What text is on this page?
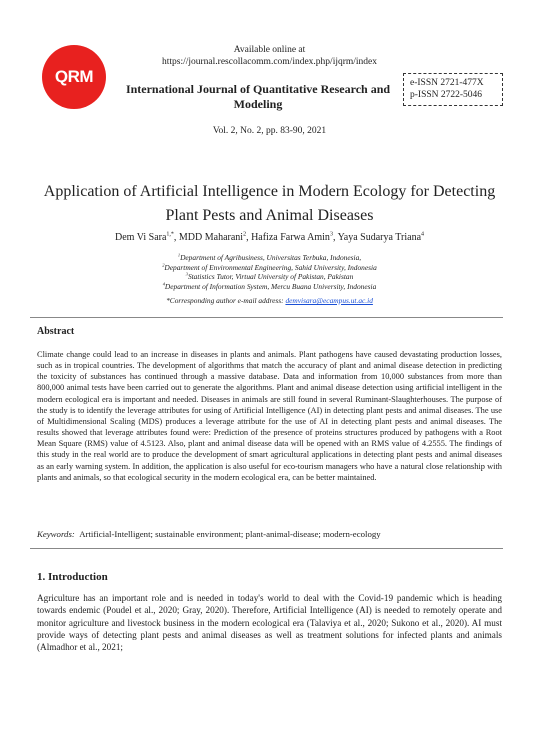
QRM
Available online at
https://journal.rescollacomm.com/index.php/ijqrm/index
International Journal of Quantitative Research and Modeling
e-ISSN 2721-477X
p-ISSN 2722-5046
Vol. 2, No. 2, pp. 83-90, 2021
Application of Artificial Intelligence in Modern Ecology for Detecting Plant Pests and Animal Diseases
Dem Vi Sara$^{1,*}$, MDD Maharani$^2$, Hafiza Farwa Amin$^3$, Yaya Sudarya Triana$^4$
$^1$Department of Agribusiness, Universitas Terbuka, Indonesia,
$^2$Department of Environmental Engineering, Sahid University, Indonesia
$^3$Statistics Tutor, Virtual University of Pakistan, Pakistan
$^4$Department of Information System, Mercu Buana University, Indonesia
*Corresponding author e-mail address: demvisara@ecampus.ut.ac.id
Abstract

Climate change could lead to an increase in diseases in plants and animals. Plant pathogens have caused devastating production losses, such as in tropical countries. The development of algorithms that match the accuracy of plant and animal disease detection in predicting the toxicity of substances has continued through a massive database. Data and information from 10,000 substances from more than 800,000 animal tests have been carried out to generate the algorithms. Plant and animal disease detection using artificial intelligent in the modern ecological era is important and needed. Diseases in animals are still found in several Ruminant-Slaughterhouses. The purpose of the study is to identify the leverage attributes for using of Artificial Intelligence (AI) in detecting plant pests and animal diseases. The use of Multidimensional Scaling (MDS) produces a leverage attribute for the use of AI in detecting plant pests and animal diseases. The results showed that leverage attributes found were: Prediction of the presence of proteins structures produced by pathogens with a Root Mean Square (RMS) value of 4.5123. Also, plant and animal disease data will be opened with an RMS value of 4.2555. The findings of this study in the real world are to produce the development of smart agricultural applications in detecting plant pests and animal diseases as an early warning system. In addition, the application is also useful for eco-tourism managers who have a natural close relationship with plants and animals, so that ecological security in the modern ecological era, can be better maintained.

Keywords: Artificial-Intelligent; sustainable environment; plant-animal-disease; modern-ecology
1. Introduction

Agriculture has an important role and is needed in today's world to deal with the Covid-19 pandemic which is heading towards endemic (Poudel et al., 2020; Gray, 2020). Therefore, Artificial Intelligence (AI) is needed to remotely operate and monitor agriculture and livestock business in the modern ecological era (Talaviya et al., 2020; Sukono et al., 2020). AI must provide ways of detecting plant pests and animal diseases as well as treatment solutions for infected plants and animals (Almadhor et al., 2021;
